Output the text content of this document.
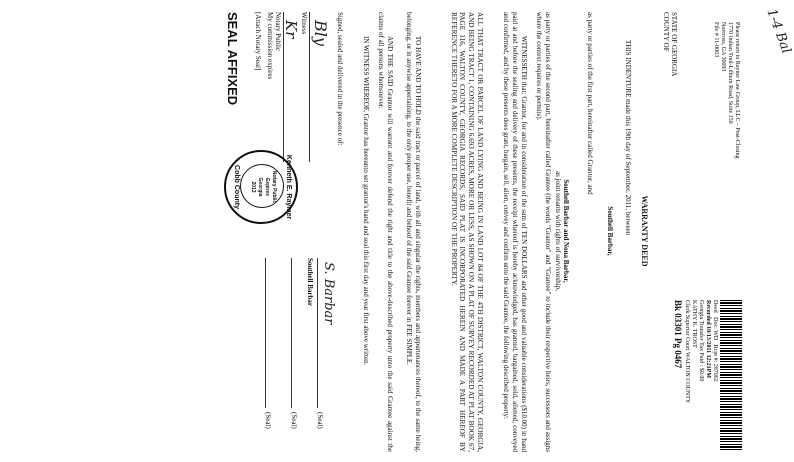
Please return to Rayner Law Group, LLC – Post-Closing
1770 Indian Trail-Lilburn Road, Suite 150
Norcross, GA 30093
File # 11-0063	1-4 Bal
Deed   Doc: WD   Rcpt #: 287062
Recorded 10/13/2011 12:21PM
Georgia Transfer Tax Paid : $0.00
KATHY K. TROST
Clerk Superior Court WALTON COUNTY
Bk 03301 Pg 0467
STATE OF GEORGIA
COUNTY OF
WARRANTY DEED
THIS INDENTURE made this 19th day of September, 2011, between
Southell Barbar,
as party or parties of the first part, hereinafter called Grantor, and
Southell Barbar and Nona Barbar,
as joint tenants with rights of survivorship,

as party or parties of the second part, hereinafter called Grantee (the words "Grantor" and "Grantee" to include their respective heirs, successors and assigns where the context requires or permits).

WITNESSETH that: Grantor, for and in consideration of the sum of TEN DOLLARS and other good and valuable considerations ($10.00) in hand paid at and before the sealing and delivery of these presents, the receipt whereof is hereby acknowledged, has granted, bargained, sold, aliened, conveyed and confirmed, and by these presents does grant, bargain, sell, alien, convey and confirm unto the said Grantee, the following described property:

ALL THAT TRACT OR PARCEL OF LAND LYING AND BEING IN LAND LOT 84 OF THE 4TH DISTRICT, WALTON COUNTY, GEORGIA, AND BEING TRACT 1, CONTAINING 6.693 ACRES, MORE OR LESS, AS SHOWN ON A PLAT OF SURVEY RECORDED AT PLAT BOOK 67, PAGE 116, WALTON COUNTY, GEORGIA RECORDS, SAID PLAT IS INCORPORATED HEREIN AND MADE A PART HEREOF BY REFERENCE THERETO FOR A MORE COMPLETE DESCRIPTION OF THE PROPERTY.

TO HAVE AND TO HOLD the said tract or parcel of land, with all and singular the rights, members and appurtenances thereof, to the same being, belonging, or in anywise appertaining, to the only proper use, benefit and behoof of the said Grantee forever in FEE SIMPLE.

AND THE SAID Grantor will warrant and forever defend the right and title to the above-described property unto the said Grantee against the claims of all persons whomsoever.

IN WITNESS WHEREOF, Grantor has hereunto set grantor's hand and seal this first day and year first above written.

Signed, sealed and delivered in the presence of:
S. Barbar
(Seal)
Southell Barbar
(Seal)
(Seal)
Bly
Witness
Kr
Notary Public
My commission expires
[Attach Notary Seal]
SEAL AFFIXED
Kenneth E. Raymer
Notary Public
Expires
Georgia
2013
Cobb County
